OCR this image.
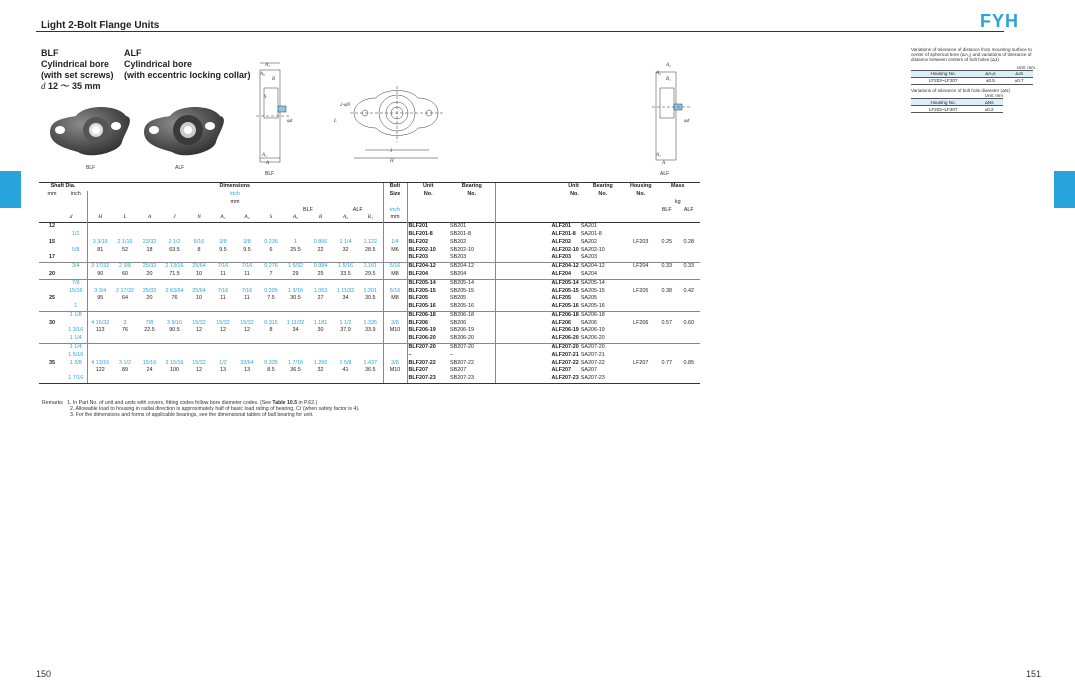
Light 2-Bolt Flange Units	FYH
BLF
Cylindrical bore
(with set screws)
d 12 ～ 35 mm
ALF
Cylindrical bore
(with eccentric locking collar)
BLF	ALF
A₂
A₀
B
φd
A₁
A
S
2-φN
L
J
H
BLF
A₂
A₀
B₁
φd
A₁
A
ALF
Variations of tolerance of distance from mounting surface to center of spherical bore (ΔA₂) and variations of tolerance of distance between centers of bolt holes (ΔJ)
Unit: mm
Housing No.	ΔA₂s	ΔJs
LF203~LF207	±0.5	±0.7
Variations of tolerance of bolt hole diameter (ΔN)
Unit: mm
Housing No.	ΔNs
LF203~LF207	±0.2
Shaft Dia.		Dimensions												Bolt	Unit	Bearing	Unit	Bearing	Housing	Mass	
mm	inch	inch												Size	No.	No.	No.	No.	No.		
		mm																		kg	
										BLF		ALF		inch						BLF	ALF
d		H	L	A	J	N	A₁	A₂	S	A₀	B	A₀	B₁	mm							
12															BLF201	SB201	ALF201	SA201			
	1/2														BLF201-8	SB201-8	ALF201-8	SA201-8			
15		3 3/16	2 1/16	23/32	2 1/2	5/16	3/8	3/8	0.236	1	0.866	1 1/4	1.122	1/4	BLF202	SB202	ALF202	SA202	LF203	0.25	0.28
	5/8	81	52	18	63.5	8	9.5	9.5	6	25.5	22	32	28.5	M6	BLF202-10	SB202-10	ALF202-10	SA202-10			
17															BLF203	SB203	ALF203	SA203			
	3/4	3 17/32	2 3/8	25/32	2 13/16	25/64	7/16	7/16	0.276	1 5/32	0.984	1 5/16	1.161	5/16	BLF204-12	SB204-12	ALF204-12	SA204-12	LF204	0.33	0.33
20		90	60	20	71.5	10	11	11	7	29	25	33.5	29.5	M8	BLF204	SB204	ALF204	SA204			
	7/8														BLF205-14	SB205-14	ALF205-14	SA205-14			
	15/16	3 3/4	2 17/32	25/32	2 63/64	25/64	7/16	7/16	0.295	1 3/16	1.063	1 11/32	1.201	5/16	BLF205-15	SB205-15	ALF205-15	SA205-15	LF205	0.38	0.42
25		95	64	20	76	10	11	11	7.5	30.5	27	34	30.5	M8	BLF205	SB205	ALF205	SA205			
	1														BLF205-16	SB205-16	ALF205-16	SA205-16			
	1 1/8														BLF206-18	SB206-18	ALF206-18	SA206-18			
30		4 15/32	3	7/8	3 9/16	15/32	15/32	15/32	0.315	1 11/32	1.181	1 1/2	1.335	3/8	BLF206	SB206	ALF206	SA206	LF206	0.57	0.60
	1 3/16	113	76	22.5	90.5	12	12	12	8	34	30	37.9	33.9	M10	BLF206-19	SB206-19	ALF206-19	SA206-19			
	1 1/4														BLF206-20	SB206-20	ALF206-20	SA206-20			
	1 1/4														BLF207-20	SB207-20	ALF207-20	SA207-20			
	1 5/16														–	–	ALF207-21	SA207-21			
35	1 3/8	4 13/16	3 1/2	15/16	3 15/16	15/32	1/2	33/64	0.335	1 7/16	1.260	1 5/8	1.437	3/8	BLF207-22	SB207-22	ALF207-22	SA207-22	LF207	0.77	0.85
		122	89	24	100	12	13	13	8.5	36.5	32	41	36.5	M10	BLF207	SB207	ALF207	SA207			
	1 7/16														BLF207-23	SB207-23	ALF207-23	SA207-23			
Remarks 1. In Part No. of unit and units with covers, fitting codes follow bore diameter codes. (See Table 10.5 in P.62.)
2. Allowable load to housing in radial direction is approximately half of basic load rating of bearing, Cr (when safety factor is 4).
3. For the dimensions and forms of applicable bearings, see the dimensional tables of ball bearing for unit.
150	151
